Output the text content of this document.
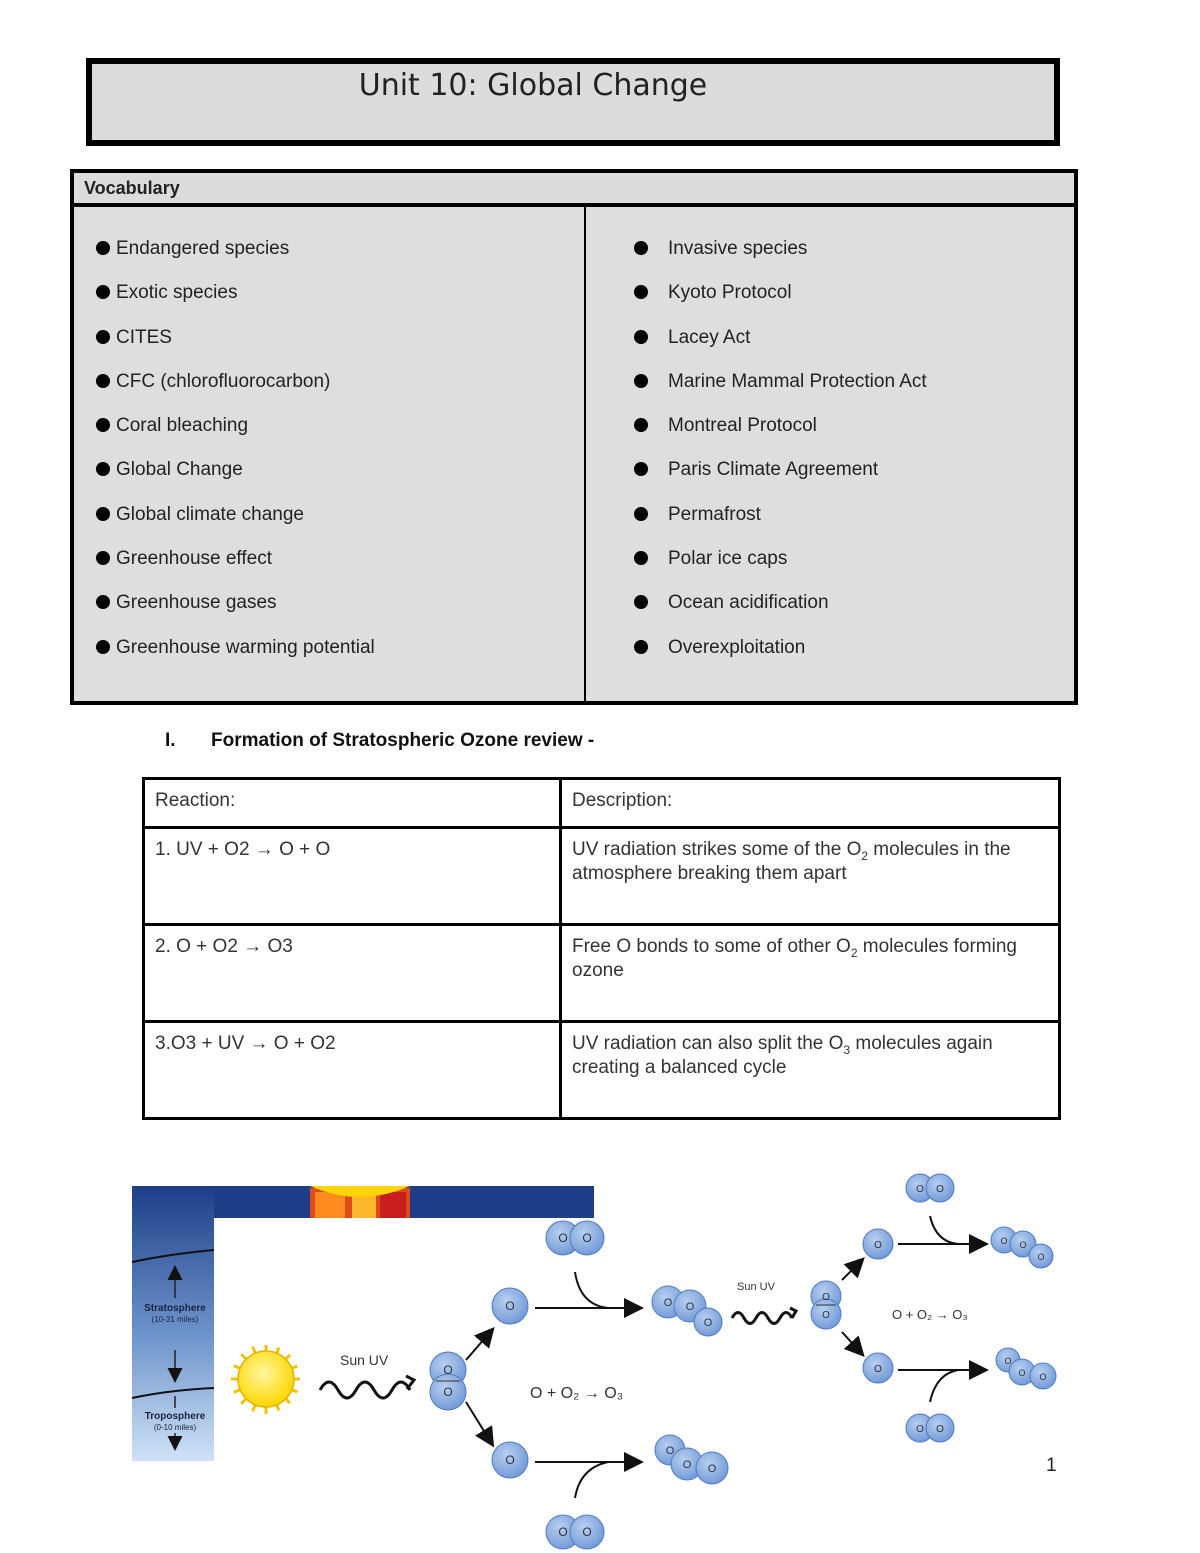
Unit 10: Global Change
Vocabulary
Endangered species
Exotic species
CITES
CFC (chlorofluorocarbon)
Coral bleaching
Global Change
Global climate change
Greenhouse effect
Greenhouse gases
Greenhouse warming potential
Invasive species
Kyoto Protocol
Lacey Act
Marine Mammal Protection Act
Montreal Protocol
Paris Climate Agreement
Permafrost
Polar ice caps
Ocean acidification
Overexploitation
I. Formation of Stratospheric Ozone review -
Reaction:	Description:
1. UV + O2 → O + O	UV radiation strikes some of the $O_2$ molecules in the atmosphere breaking them apart
2. O + O2 → O3	Free O bonds to some of other $O_2$ molecules forming ozone
3.O3 + UV → O + O2	UV radiation can also split the $O_3$ molecules again creating a balanced cycle
Stratosphere
(10-31 miles)
Troposphere
(0-10 miles)
Sun UV
O
O
O
O
O O
O O
O + O₂ → O₃
O O
O
O
O O
Sun UV
O
O
O
O
O O
O O
O + O₂ → O₃
O O
O
O
O O
1
